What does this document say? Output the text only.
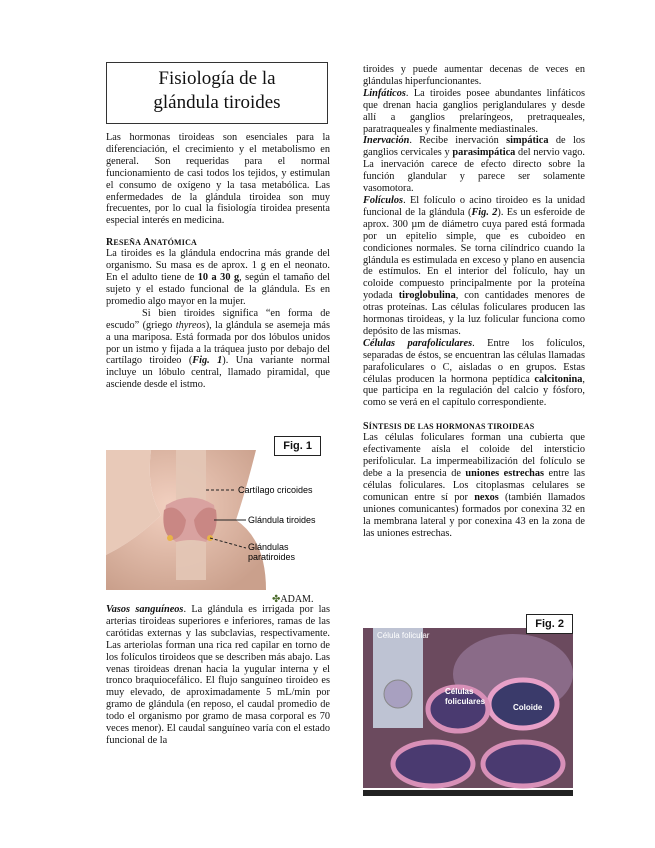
Fisiología de la
glándula tiroides

Las hormonas tiroideas son esenciales para la diferenciación, el crecimiento y el metabolismo en general. Son requeridas para el normal funcionamiento de casi todos los tejidos, y estimulan el consumo de oxígeno y la tasa metabólica. Las enfermedades de la glándula tiroidea son muy frecuentes, por lo cual la fisiología tiroidea presenta especial interés en medicina.

RESEÑA ANATÓMICA

La tiroides es la glándula endocrina más grande del organismo. Su masa es de aprox. 1 g en el neonato. En el adulto tiene de 10 a 30 g, según el tamaño del sujeto y el estado funcional de la glándula. Es en promedio algo mayor en la mujer.

Si bien tiroides significa “en forma de escudo” (griego thyreos), la glándula se asemeja más a una mariposa. Está formada por dos lóbulos unidos por un istmo y fijada a la tráquea justo por debajo del cartílago tiroideo (Fig. 1). Una variante normal incluye un lóbulo central, llamado piramidal, que asciende desde el istmo.

Cartílago cricoides
Glándula tiroides
Glándulas
paratiroides
Fig. 1
✤ADAM.

Vasos sanguíneos. La glándula es irrigada por las arterias tiroideas superiores e inferiores, ramas de las carótidas externas y las subclavias, respectivamente. Las arteriolas forman una rica red capilar en torno de los folículos tiroideos que se describen más abajo. Las venas tiroideas drenan hacia la yugular interna y el tronco braquiocefálico. El flujo sanguíneo tiroideo es muy elevado, de aproximadamente 5 mL/min por gramo de glándula (en reposo, el caudal promedio de todo el organismo por gramo de masa corporal es 70 veces menor). El caudal sanguíneo varía con el estado funcional de la

tiroides y puede aumentar decenas de veces en glándulas hiperfuncionantes.

Linfáticos. La tiroides posee abundantes linfáticos que drenan hacia ganglios periglandulares y desde allí a ganglios prelaríngeos, pretraqueales, paratraqueales y finalmente mediastinales.

Inervación. Recibe inervación simpática de los ganglios cervicales y parasimpática del nervio vago. La inervación carece de efecto directo sobre la función glandular y parece ser solamente vasomotora.

Folículos. El folículo o acino tiroideo es la unidad funcional de la glándula (Fig. 2). Es un esferoide de aprox. 300 µm de diámetro cuya pared está formada por un epitelio simple, que es cuboideo en condiciones normales. Se torna cilíndrico cuando la glándula es estimulada en exceso y plano en ausencia de estímulos. En el interior del folículo, hay un coloide compuesto principalmente por la proteína yodada tiroglobulina, con cantidades menores de otras proteínas. Las células foliculares producen las hormonas tiroideas, y la luz folicular funciona como depósito de las mismas.

Células parafoliculares. Entre los folículos, separadas de éstos, se encuentran las células llamadas parafoliculares o C, aisladas o en grupos. Estas células producen la hormona peptídica calcitonina, que participa en la regulación del calcio y fósforo, como se verá en el capítulo correspondiente.

SÍNTESIS DE LAS HORMONAS TIROIDEAS

Las células foliculares forman una cubierta que efectivamente aísla el coloide del intersticio perifolicular. La impermeabilización del folículo se debe a la presencia de uniones estrechas entre las células foliculares. Los citoplasmas celulares se comunican entre sí por nexos (también llamados uniones comunicantes) formados por conexina 32 en la membrana lateral y por conexina 43 en la zona de las uniones estrechas.

Célula folicular
Células
foliculares
Coloide
Fig. 2
